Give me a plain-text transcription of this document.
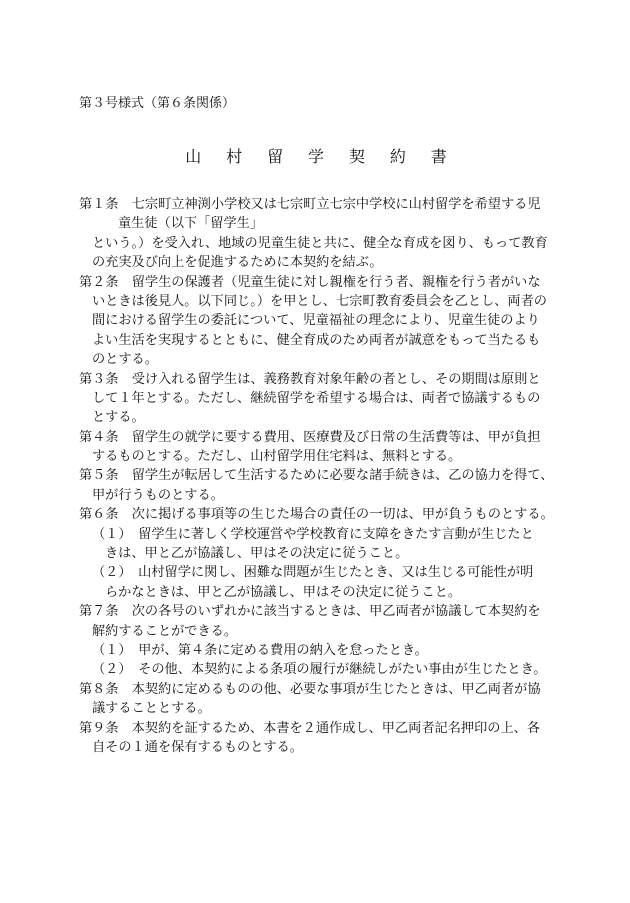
第３号様式（第６条関係）
山 村 留 学 契 約 書
第１条　七宗町立神渕小学校又は七宗町立七宗中学校に山村留学を希望する児
童生徒（以下「留学生」
という。）を受入れ、地域の児童生徒と共に、健全な育成を図り、もって教育
の充実及び向上を促進するために本契約を結ぶ。
第２条　留学生の保護者（児童生徒に対し親権を行う者、親権を行う者がいな
いときは後見人。以下同じ。）を甲とし、七宗町教育委員会を乙とし、両者の
間における留学生の委託について、児童福祉の理念により、児童生徒のより
よい生活を実現するとともに、健全育成のため両者が誠意をもって当たるも
のとする。
第３条　受け入れる留学生は、義務教育対象年齢の者とし、その期間は原則と
して１年とする。ただし、継続留学を希望する場合は、両者で協議するもの
とする。
第４条　留学生の就学に要する費用、医療費及び日常の生活費等は、甲が負担
するものとする。ただし、山村留学用住宅料は、無料とする。
第５条　留学生が転居して生活するために必要な諸手続きは、乙の協力を得て、
甲が行うものとする。
第６条　次に掲げる事項等の生じた場合の責任の一切は、甲が負うものとする。
（１）　留学生に著しく学校運営や学校教育に支障をきたす言動が生じたと
きは、甲と乙が協議し、甲はその決定に従うこと。
（２）　山村留学に関し、困難な問題が生じたとき、又は生じる可能性が明
らかなときは、甲と乙が協議し、甲はその決定に従うこと。
第７条　次の各号のいずれかに該当するときは、甲乙両者が協議して本契約を
解約することができる。
（１）　甲が、第４条に定める費用の納入を怠ったとき。
（２）　その他、本契約による条項の履行が継続しがたい事由が生じたとき。
第８条　本契約に定めるものの他、必要な事項が生じたときは、甲乙両者が協
議することとする。
第９条　本契約を証するため、本書を２通作成し、甲乙両者記名押印の上、各
自その１通を保有するものとする。
